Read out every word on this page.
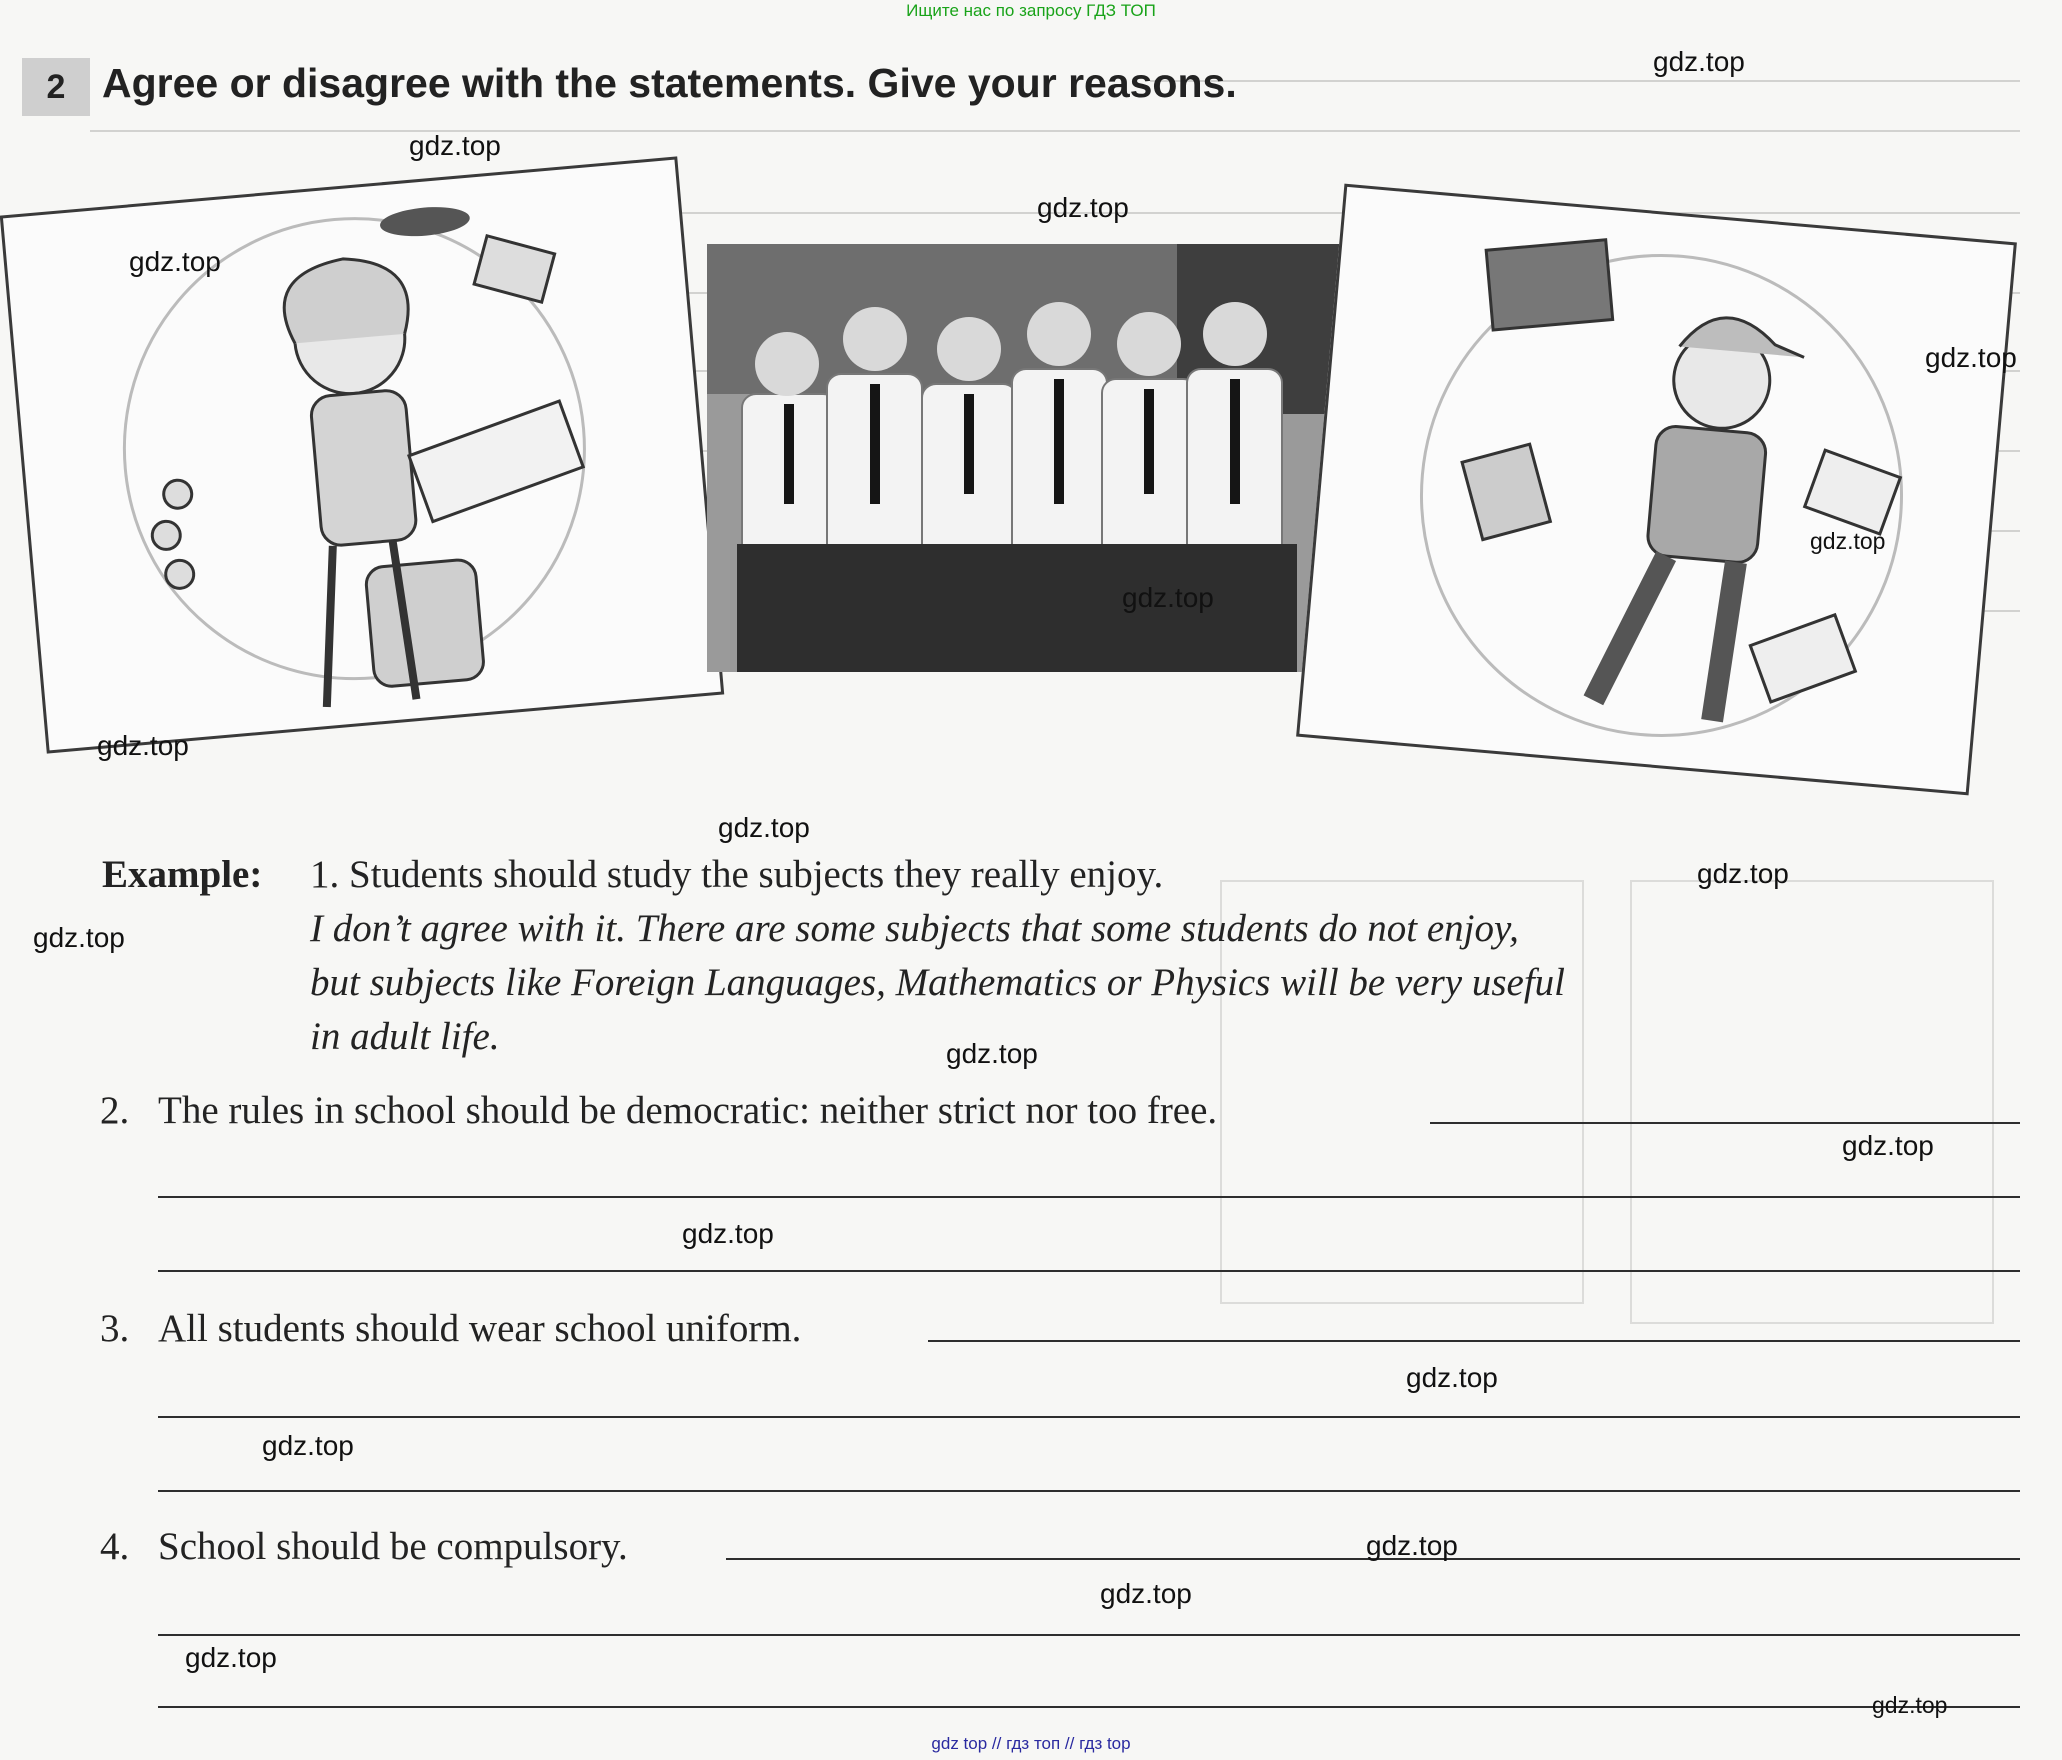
Ищите нас по запросу ГДЗ ТОП
2 Agree or disagree with the statements. Give your reasons.
Example: 1. Students should study the subjects they really enjoy.
I don’t agree with it. There are some subjects that some students do not enjoy,
but subjects like Foreign Languages, Mathematics or Physics will be very useful
in adult life.
2. The rules in school should be democratic: neither strict nor too free.
3. All students should wear school uniform.
4. School should be compulsory.
gdz.top
gdz.top
gdz.top
gdz.top
gdz.top
gdz.top
gdz.top
gdz.top
gdz.top
gdz.top
gdz.top
gdz.top
gdz.top
gdz.top
gdz.top
gdz.top
gdz.top
gdz.top
gdz.top
gdz.top
gdz top // гдз топ // гдз top
